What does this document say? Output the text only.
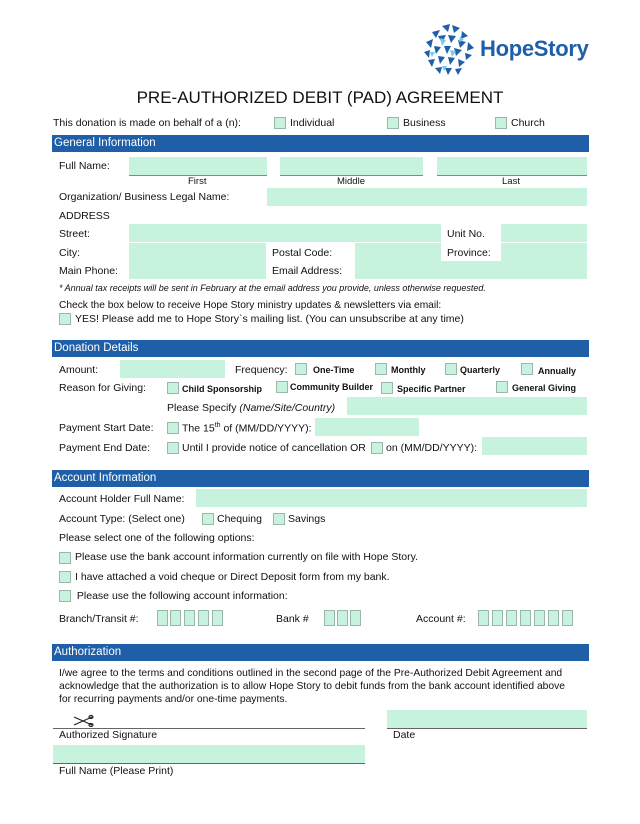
HopeStory
PRE-AUTHORIZED DEBIT (PAD) AGREEMENT
This donation is made on behalf of a (n):	Individual	Business	Church
General Information
Full Name:
First	Middle	Last
Organization/ Business Legal Name:
ADDRESS
Street:	Unit No.
City:	Postal Code:	Province:
Main Phone:	Email Address:
* Annual tax receipts will be sent in February at the email address you provide, unless otherwise requested.
Check the box below to receive Hope Story ministry updates & newsletters via email:
YES! Please add me to Hope Story`s mailing list. (You can unsubscribe at any time)
Donation Details
Amount:	Frequency:	One-Time	Monthly	Quarterly	Annually
Reason for Giving:	Child Sponsorship	Community Builder	Specific Partner	General Giving
Please Specify (Name/Site/Country)
Payment Start Date:	The 15th of (MM/DD/YYYY):
Payment End Date:	Until I provide notice of cancellation OR on (MM/DD/YYYY):
Account Information
Account Holder Full Name:
Account Type: (Select one)	Chequing Savings
Please select one of the following options:
Please use the bank account information currently on file with Hope Story.
I have attached a void cheque or Direct Deposit form from my bank.
Please use the following account information:
Branch/Transit #:	Bank #	Account #:
Authorization
I/we agree to the terms and conditions outlined in the second page of the Pre-Authorized Debit Agreement and
acknowledge that the authorization is to allow Hope Story to debit funds from the bank account identified above
for recurring payments and/or one-time payments.
Authorized Signature	Date
Full Name (Please Print)
